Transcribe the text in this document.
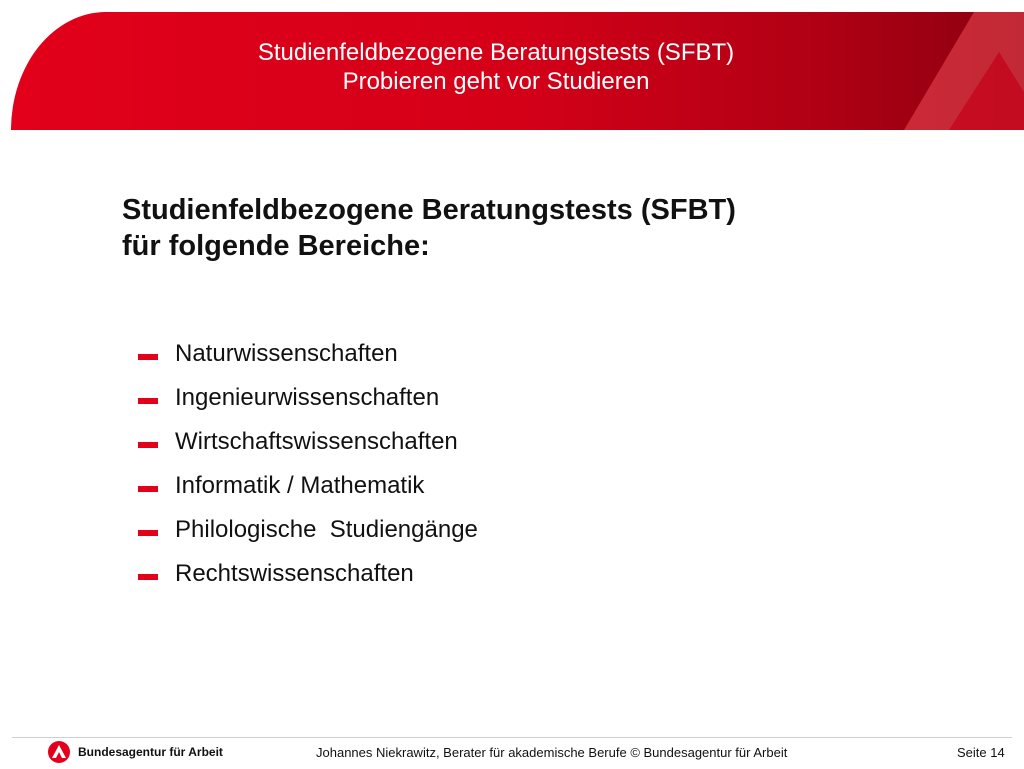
Studienfeldbezogene Beratungstests (SFBT)
Probieren geht vor Studieren
Studienfeldbezogene Beratungstests (SFBT)
für folgende Bereiche:
Naturwissenschaften
Ingenieurwissenschaften
Wirtschaftswissenschaften
Informatik / Mathematik
Philologische  Studiengänge
Rechtswissenschaften
Bundesagentur für Arbeit	Johannes Niekrawitz, Berater für akademische Berufe © Bundesagentur für Arbeit	Seite 14
